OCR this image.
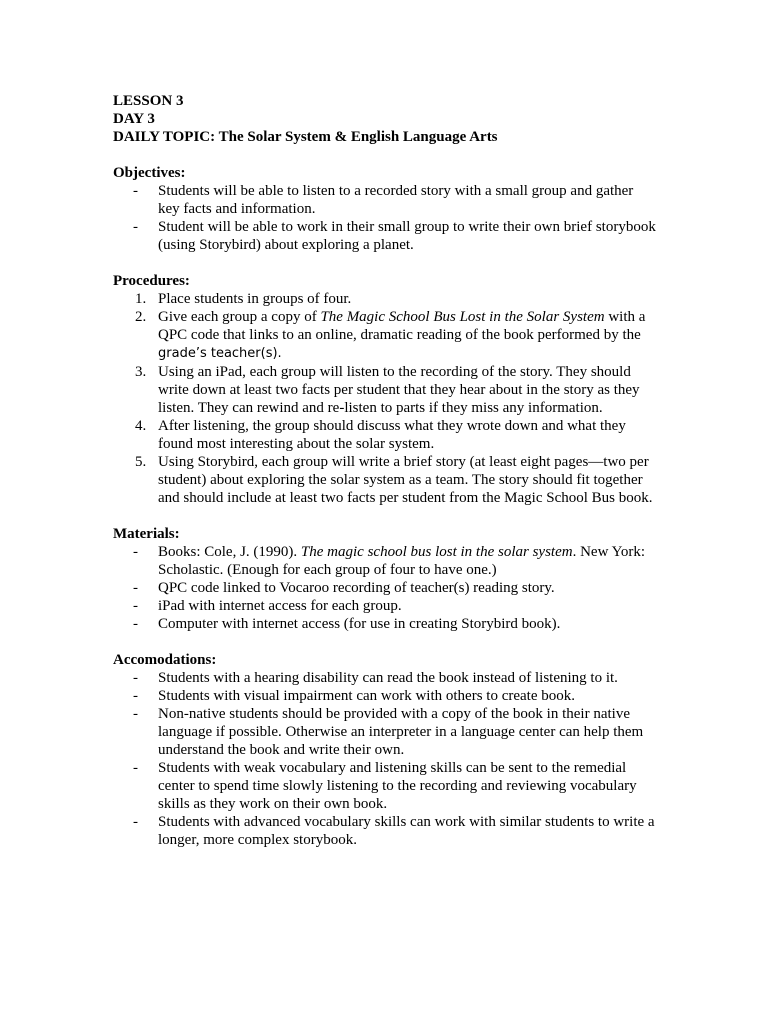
LESSON 3

DAY 3

DAILY TOPIC: The Solar System & English Language Arts

Objectives:

- Students will be able to listen to a recorded story with a small group and gather key facts and information.
- Student will be able to work in their small group to write their own brief storybook (using Storybird) about exploring a planet.

Procedures:

1. Place students in groups of four.
2. Give each group a copy of The Magic School Bus Lost in the Solar System with a QPC code that links to an online, dramatic reading of the book performed by the grade’s teacher(s).
3. Using an iPad, each group will listen to the recording of the story. They should write down at least two facts per student that they hear about in the story as they listen. They can rewind and re-listen to parts if they miss any information.
4. After listening, the group should discuss what they wrote down and what they found most interesting about the solar system.
5. Using Storybird, each group will write a brief story (at least eight pages—two per student) about exploring the solar system as a team. The story should fit together and should include at least two facts per student from the Magic School Bus book.

Materials:

- Books: Cole, J. (1990). The magic school bus lost in the solar system. New York: Scholastic. (Enough for each group of four to have one.)
- QPC code linked to Vocaroo recording of teacher(s) reading story.
- iPad with internet access for each group.
- Computer with internet access (for use in creating Storybird book).

Accomodations:

- Students with a hearing disability can read the book instead of listening to it.
- Students with visual impairment can work with others to create book.
- Non-native students should be provided with a copy of the book in their native language if possible. Otherwise an interpreter in a language center can help them understand the book and write their own.
- Students with weak vocabulary and listening skills can be sent to the remedial center to spend time slowly listening to the recording and reviewing vocabulary skills as they work on their own book.
- Students with advanced vocabulary skills can work with similar students to write a longer, more complex storybook.
